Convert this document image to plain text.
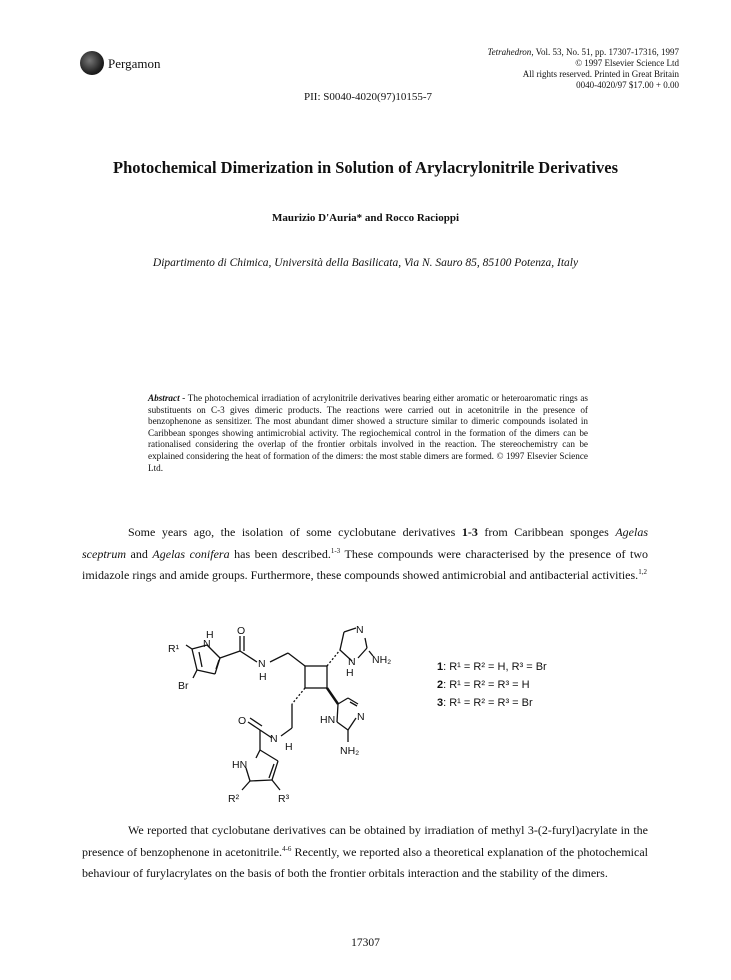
Pergamon
Tetrahedron, Vol. 53, No. 51, pp. 17307-17316, 1997
© 1997 Elsevier Science Ltd
All rights reserved. Printed in Great Britain
0040-4020/97 $17.00 + 0.00
PII: S0040-4020(97)10155-7
Photochemical Dimerization in Solution of Arylacrylonitrile Derivatives
Maurizio D'Auria* and Rocco Racioppi
Dipartimento di Chimica, Università della Basilicata, Via N. Sauro 85, 85100 Potenza, Italy
Abstract - The photochemical irradiation of acrylonitrile derivatives bearing either aromatic or heteroaromatic rings as substituents on C-3 gives dimeric products. The reactions were carried out in acetonitrile in the presence of benzophenone as sensitizer. The most abundant dimer showed a structure similar to dimeric compounds isolated in Caribbean sponges showing antimicrobial activity. The regiochemical control in the formation of the dimers can be rationalised considering the overlap of the frontier orbitals involved in the reaction. The stereochemistry can be explained considering the heat of formation of the dimers: the most stable dimers are formed. © 1997 Elsevier Science Ltd.
Some years ago, the isolation of some cyclobutane derivatives 1-3 from Caribbean sponges Agelas sceptrum and Agelas conifera has been described.$^{1-3}$ These compounds were characterised by the presence of two imidazole rings and amide groups. Furthermore, these compounds showed antimicrobial and antibacterial activities.$^{1,2}$
R¹
H
N
O
N
H
Br
N
N
H
NH₂
O
N
H
HN N
NH₂
HN
R²	R³
1: R¹ = R² = H, R³ = Br
2: R¹ = R² = R³ = H
3: R¹ = R² = R³ = Br
We reported that cyclobutane derivatives can be obtained by irradiation of methyl 3-(2-furyl)acrylate in the presence of benzophenone in acetonitrile.$^{4-6}$ Recently, we reported also a theoretical explanation of the photochemical behaviour of furylacrylates on the basis of both the frontier orbitals interaction and the stability of the dimers.
17307
